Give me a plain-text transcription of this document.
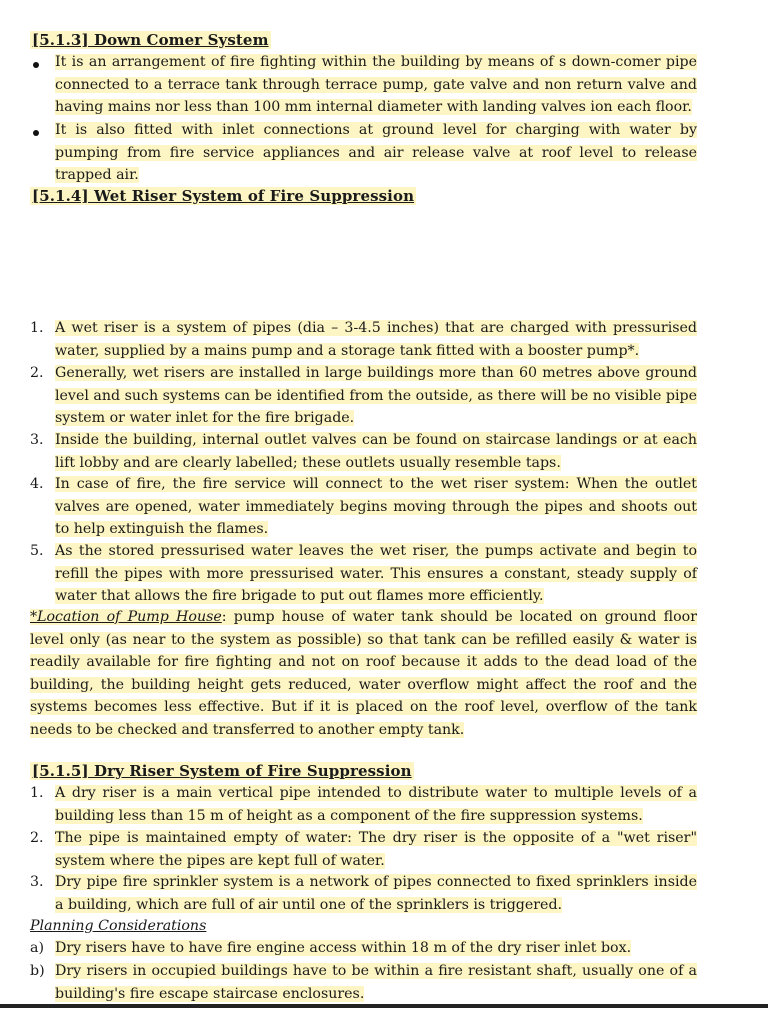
[5.1.3] Down Comer System
It is an arrangement of fire fighting within the building by means of s down-comer pipe connected to a terrace tank through terrace pump, gate valve and non return valve and having mains nor less than 100 mm internal diameter with landing valves ion each floor.
It is also fitted with inlet connections at ground level for charging with water by pumping from fire service appliances and air release valve at roof level to release trapped air.
[5.1.4] Wet Riser System of Fire Suppression
1. A wet riser is a system of pipes (dia – 3-4.5 inches) that are charged with pressurised water, supplied by a mains pump and a storage tank fitted with a booster pump*.
2. Generally, wet risers are installed in large buildings more than 60 metres above ground level and such systems can be identified from the outside, as there will be no visible pipe system or water inlet for the fire brigade.
3. Inside the building, internal outlet valves can be found on staircase landings or at each lift lobby and are clearly labelled; these outlets usually resemble taps.
4. In case of fire, the fire service will connect to the wet riser system: When the outlet valves are opened, water immediately begins moving through the pipes and shoots out to help extinguish the flames.
5. As the stored pressurised water leaves the wet riser, the pumps activate and begin to refill the pipes with more pressurised water. This ensures a constant, steady supply of water that allows the fire brigade to put out flames more efficiently.
*Location of Pump House: pump house of water tank should be located on ground floor level only (as near to the system as possible) so that tank can be refilled easily & water is readily available for fire fighting and not on roof because it adds to the dead load of the building, the building height gets reduced, water overflow might affect the roof and the systems becomes less effective. But if it is placed on the roof level, overflow of the tank needs to be checked and transferred to another empty tank.
[5.1.5] Dry Riser System of Fire Suppression
1. A dry riser is a main vertical pipe intended to distribute water to multiple levels of a building less than 15 m of height as a component of the fire suppression systems.
2. The pipe is maintained empty of water: The dry riser is the opposite of a "wet riser" system where the pipes are kept full of water.
3. Dry pipe fire sprinkler system is a network of pipes connected to fixed sprinklers inside a building, which are full of air until one of the sprinklers is triggered.
Planning Considerations
a) Dry risers have to have fire engine access within 18 m of the dry riser inlet box.
b) Dry risers in occupied buildings have to be within a fire resistant shaft, usually one of a building's fire escape staircase enclosures.
